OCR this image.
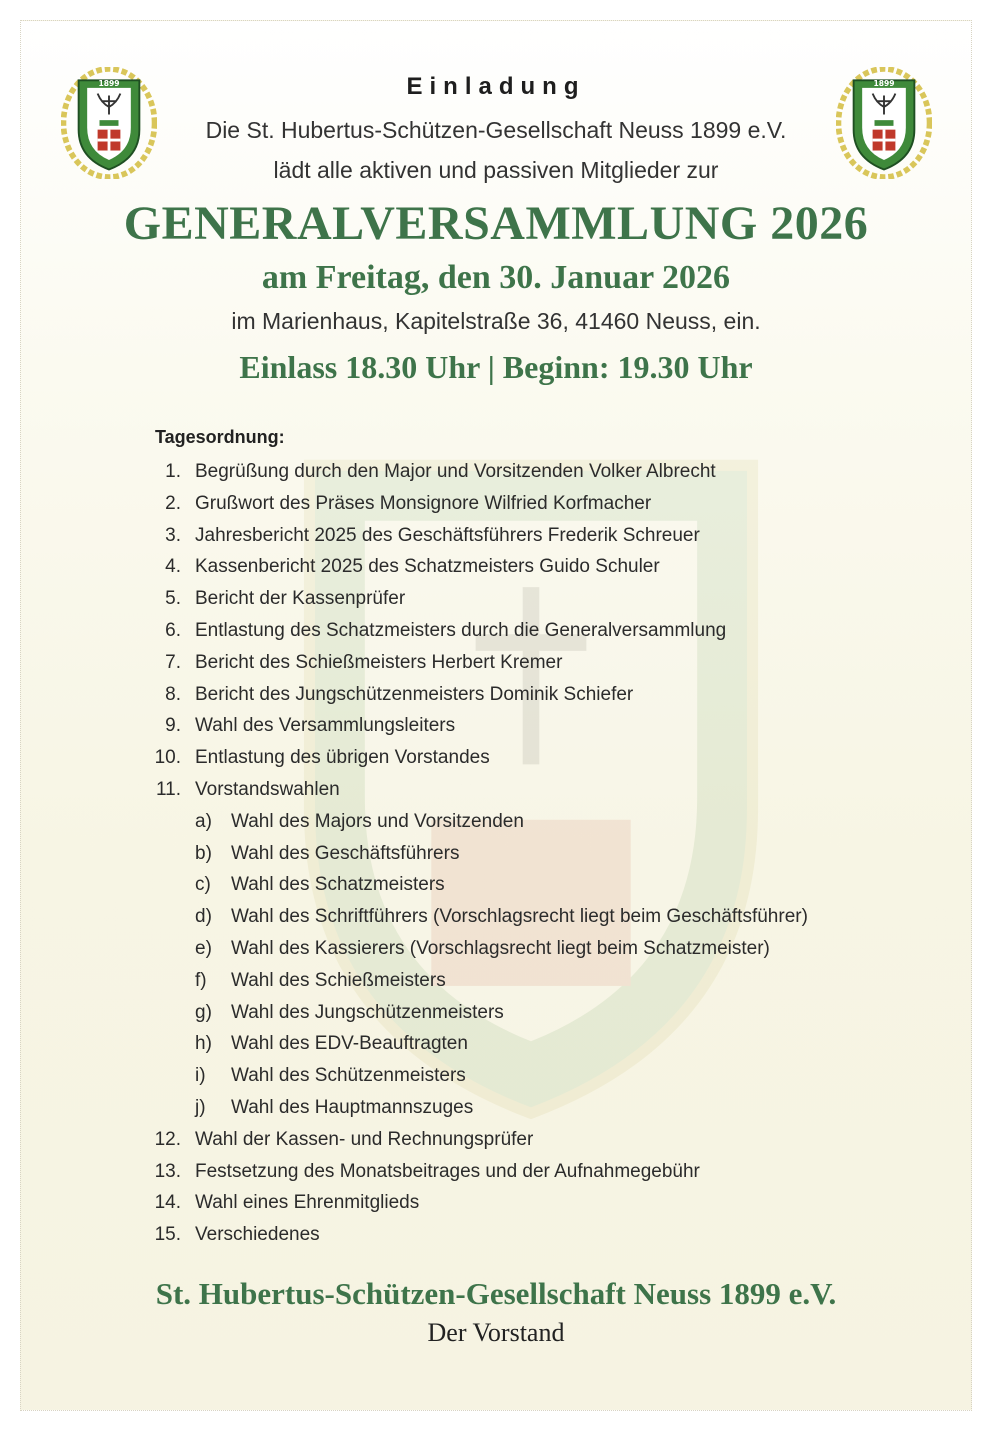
1899	1899
Einladung
Die St. Hubertus-Schützen-Gesellschaft Neuss 1899 e.V.
lädt alle aktiven und passiven Mitglieder zur
GENERALVERSAMMLUNG 2026
am Freitag, den 30. Januar 2026
im Marienhaus, Kapitelstraße 36, 41460 Neuss, ein.
Einlass 18.30 Uhr | Beginn: 19.30 Uhr
Tagesordnung:
1. Begrüßung durch den Major und Vorsitzenden Volker Albrecht
2. Grußwort des Präses Monsignore Wilfried Korfmacher
3. Jahresbericht 2025 des Geschäftsführers Frederik Schreuer
4. Kassenbericht 2025 des Schatzmeisters Guido Schuler
5. Bericht der Kassenprüfer
6. Entlastung des Schatzmeisters durch die Generalversammlung
7. Bericht des Schießmeisters Herbert Kremer
8. Bericht des Jungschützenmeisters Dominik Schiefer
9. Wahl des Versammlungsleiters
10. Entlastung des übrigen Vorstandes
11. Vorstandswahlen
a) Wahl des Majors und Vorsitzenden
b) Wahl des Geschäftsführers
c) Wahl des Schatzmeisters
d) Wahl des Schriftführers (Vorschlagsrecht liegt beim Geschäftsführer)
e) Wahl des Kassierers (Vorschlagsrecht liegt beim Schatzmeister)
f)	Wahl des Schießmeisters
g) Wahl des Jungschützenmeisters
h) Wahl des EDV-Beauftragten
i)	Wahl des Schützenmeisters
j)	Wahl des Hauptmannszuges
12. Wahl der Kassen- und Rechnungsprüfer
13. Festsetzung des Monatsbeitrages und der Aufnahmegebühr
14. Wahl eines Ehrenmitglieds
15. Verschiedenes
St. Hubertus-Schützen-Gesellschaft Neuss 1899 e.V.
Der Vorstand
